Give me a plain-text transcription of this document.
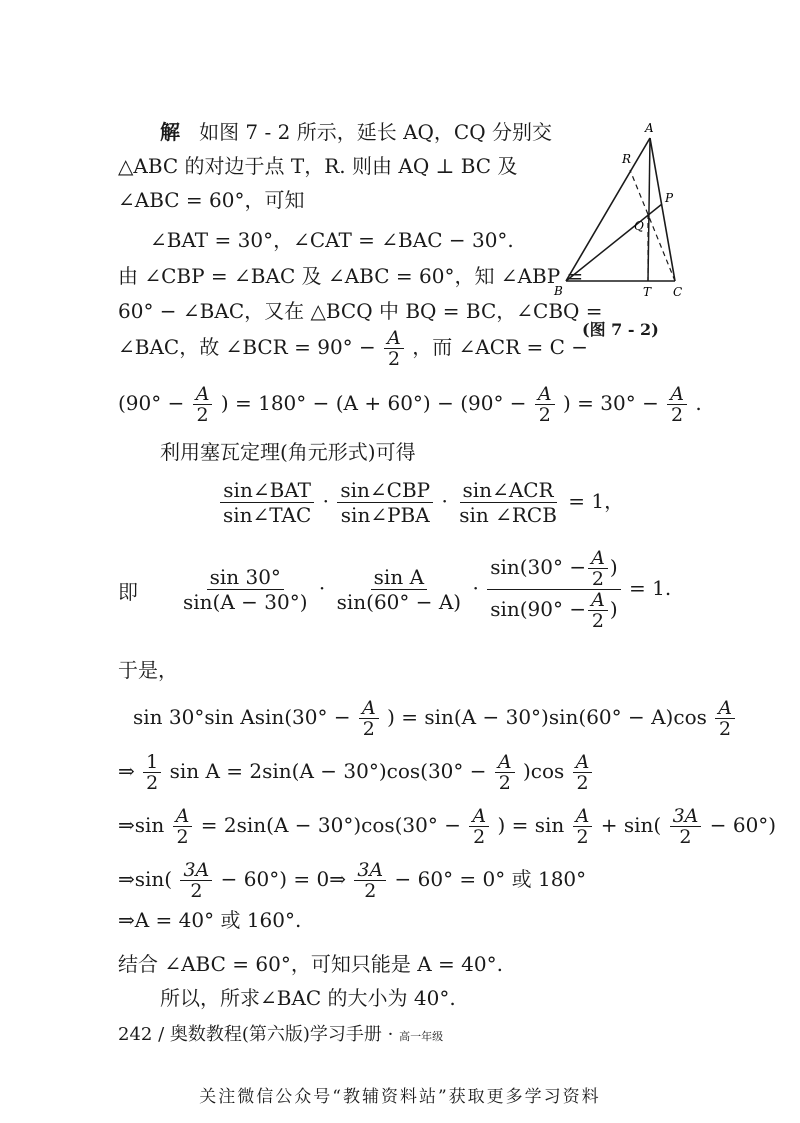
解 如图 7 - 2 所示，延长 AQ，CQ 分别交
△ABC 的对边于点 T，R. 则由 AQ ⊥ BC 及
∠ABC = 60°，可知
∠BAT = 30°，∠CAT = ∠BAC − 30°.
由 ∠CBP = ∠BAC 及 ∠ABC = 60°，知 ∠ABP =
60° − ∠BAC，又在 △BCQ 中 BQ = BC，∠CBQ =
∠BAC，故 ∠BCR = $90^\circ - \frac{A}{2}$ ，而 ∠ACR = C −
($90^\circ - \frac{A}{2}$ ) = $180^\circ - (A + 60^\circ) - (90^\circ - \frac{A}{2}$ ) = $30^\circ - \frac{A}{2}$ .
利用塞瓦定理(角元形式)可得
$\frac{\text{sin∠BAT}}{\text{sin∠TAC}} \cdot \frac{\text{sin∠CBP}}{\text{sin∠PBA}} \cdot \frac{\text{sin∠ACR}}{\text{sin ∠RCB}} = 1$，
即 $\frac{\sin 30^\circ}{\sin(A - 30^\circ)} \cdot \frac{\text{sin A}}{\sin(60^\circ - A)} \cdot \frac{\sin(30^\circ - \frac{A}{2} )}{\sin(90^\circ - \frac{A}{2} )} = 1$.
于是，
sin 30°sin $Asin(30^\circ - \frac{A}{2}$ ) = $\sin(A - 30^\circ)\sin(60^\circ - A)\cos \frac{A}{2}$
⇒ $\frac{1}{2}$ $\sin A = 2\sin(A - 30^\circ)\cos(30^\circ - \frac{A}{2} )\cos \frac{A}{2}$
⇒sin $\frac{A}{2} = 2\sin(A - 30^\circ)\cos(30^\circ - \frac{A}{2}$ ) = $\sin \frac{A}{2} + \sin( \frac{3A}{2} - 60^\circ)$
⇒sin( $\frac{3A}{2} - 60^\circ$) = 0⇒ $\frac{3A}{2} - 60^\circ = 0^\circ$ 或 180°
⇒A = 40° 或 160°.
结合 ∠ABC = 60°，可知只能是 A = 40°.
所以，所求∠BAC 的大小为 40°.
A
R
P
Q
B	T C
(图 7 - 2)
242 / 奥数教程(第六版)学习手册 · 高一年级
关注微信公众号“教辅资料站”获取更多学习资料
